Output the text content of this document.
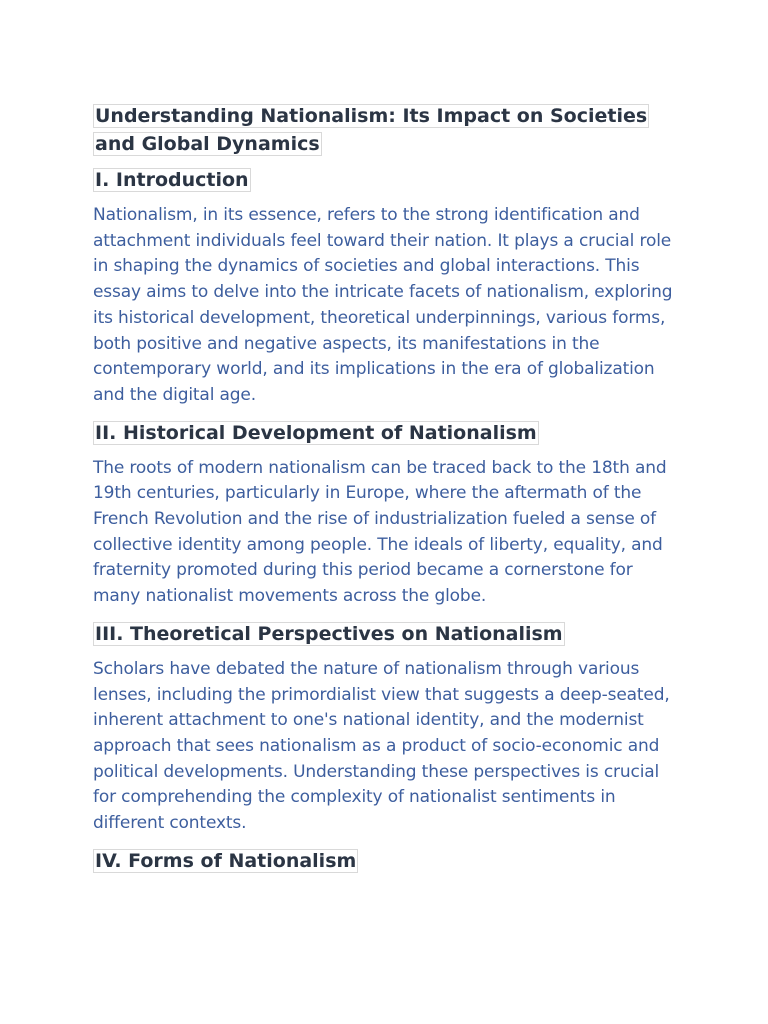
Understanding Nationalism: Its Impact on Societies and Global Dynamics
I. Introduction

Nationalism, in its essence, refers to the strong identification and attachment individuals feel toward their nation. It plays a crucial role in shaping the dynamics of societies and global interactions. This essay aims to delve into the intricate facets of nationalism, exploring its historical development, theoretical underpinnings, various forms, both positive and negative aspects, its manifestations in the contemporary world, and its implications in the era of globalization and the digital age.

II. Historical Development of Nationalism

The roots of modern nationalism can be traced back to the 18th and 19th centuries, particularly in Europe, where the aftermath of the French Revolution and the rise of industrialization fueled a sense of collective identity among people. The ideals of liberty, equality, and fraternity promoted during this period became a cornerstone for many nationalist movements across the globe.

III. Theoretical Perspectives on Nationalism

Scholars have debated the nature of nationalism through various lenses, including the primordialist view that suggests a deep-seated, inherent attachment to one's national identity, and the modernist approach that sees nationalism as a product of socio-economic and political developments. Understanding these perspectives is crucial for comprehending the complexity of nationalist sentiments in different contexts.

IV. Forms of Nationalism
